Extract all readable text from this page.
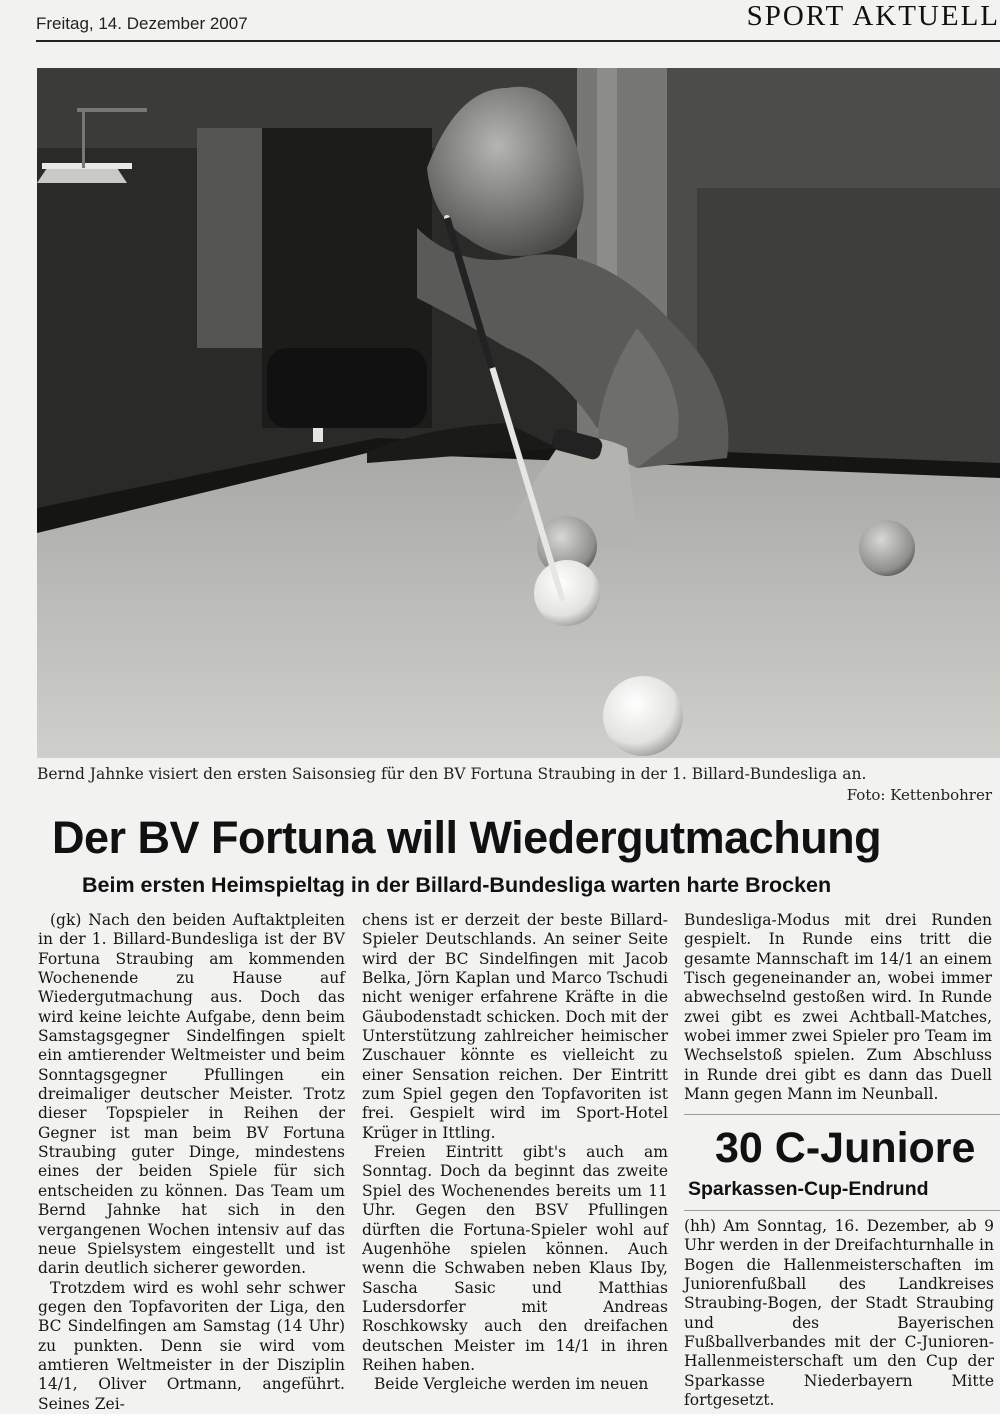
Freitag, 14. Dezember 2007	SPORT AKTUELL
Bernd Jahnke visiert den ersten Saisonsieg für den BV Fortuna Straubing in der 1. Billard-Bundesliga an.
Foto: Kettenbohrer
Der BV Fortuna will Wiedergutmachung
Beim ersten Heimspieltag in der Billard-Bundesliga warten harte Brocken

(gk) Nach den beiden Auftaktpleiten in der 1. Billard-Bundesliga ist der BV Fortuna Straubing am kommenden Wochenende zu Hause auf Wiedergutmachung aus. Doch das wird keine leichte Aufgabe, denn beim Samstagsgegner Sindelfingen spielt ein amtierender Weltmeister und beim Sonntagsgegner Pfullingen ein dreimaliger deutscher Meister. Trotz dieser Topspieler in Reihen der Gegner ist man beim BV Fortuna Straubing guter Dinge, mindestens eines der beiden Spiele für sich entscheiden zu können. Das Team um Bernd Jahnke hat sich in den vergangenen Wochen intensiv auf das neue Spielsystem eingestellt und ist darin deutlich sicherer geworden.

Trotzdem wird es wohl sehr schwer gegen den Topfavoriten der Liga, den BC Sindelfingen am Samstag (14 Uhr) zu punkten. Denn sie wird vom amtieren Weltmeister in der Disziplin 14/1, Oliver Ortmann, angeführt. Seines Zei-

chens ist er derzeit der beste Billard-Spieler Deutschlands. An seiner Seite wird der BC Sindelfingen mit Jacob Belka, Jörn Kaplan und Marco Tschudi nicht weniger erfahrene Kräfte in die Gäubodenstadt schicken. Doch mit der Unterstützung zahlreicher heimischer Zuschauer könnte es vielleicht zu einer Sensation reichen. Der Eintritt zum Spiel gegen den Topfavoriten ist frei. Gespielt wird im Sport-Hotel Krüger in Ittling.

Freien Eintritt gibt's auch am Sonntag. Doch da beginnt das zweite Spiel des Wochenendes bereits um 11 Uhr. Gegen den BSV Pfullingen dürften die Fortuna-Spieler wohl auf Augenhöhe spielen können. Auch wenn die Schwaben neben Klaus Iby, Sascha Sasic und Matthias Ludersdorfer mit Andreas Roschkowsky auch den dreifachen deutschen Meister im 14/1 in ihren Reihen haben.

Beide Vergleiche werden im neuen

Bundesliga-Modus mit drei Runden gespielt. In Runde eins tritt die gesamte Mannschaft im 14/1 an einem Tisch gegeneinander an, wobei immer abwechselnd gestoßen wird. In Runde zwei gibt es zwei Achtball-Matches, wobei immer zwei Spieler pro Team im Wechselstoß spielen. Zum Abschluss in Runde drei gibt es dann das Duell Mann gegen Mann im Neunball.

30 C-Juniore
Sparkassen-Cup-Endrund

(hh) Am Sonntag, 16. Dezember, ab 9 Uhr werden in der Dreifachturnhalle in Bogen die Hallenmeisterschaften im Juniorenfußball des Landkreises Straubing-Bogen, der Stadt Straubing und des Bayerischen Fußballverbandes mit der C-Junioren-Hallenmeisterschaft um den Cup der Sparkasse Niederbayern Mitte fortgesetzt.
